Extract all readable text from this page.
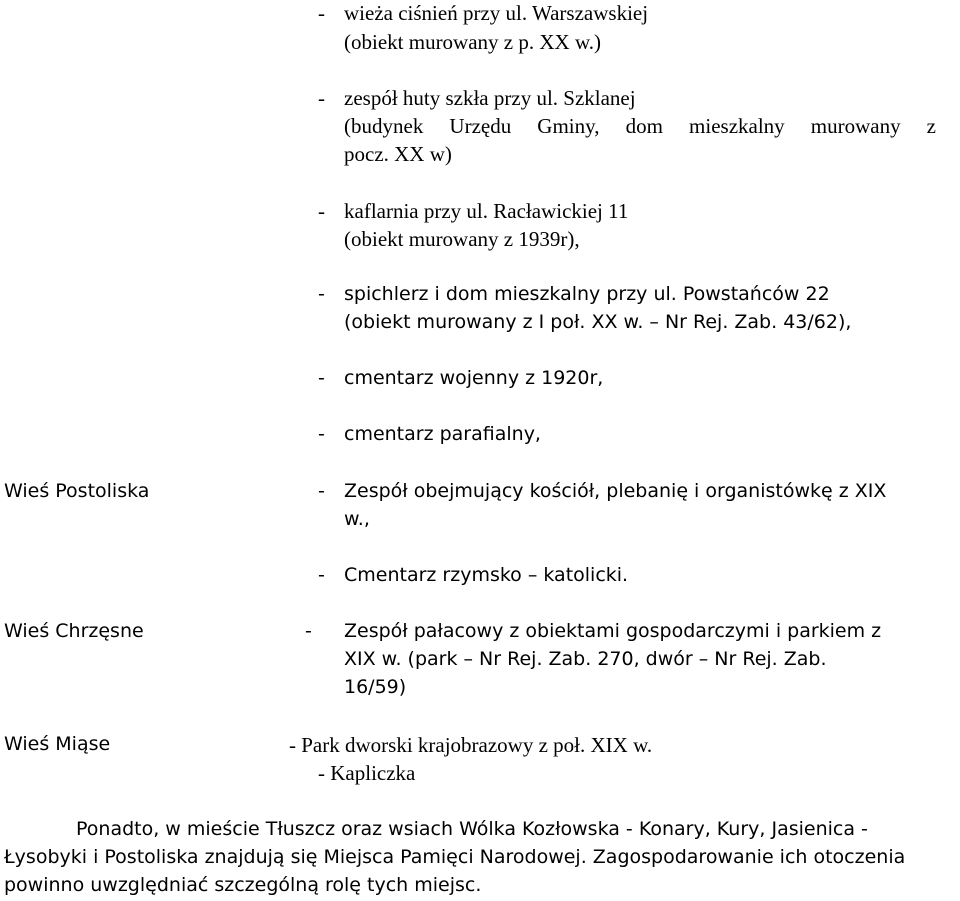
- wieża ciśnień przy ul. Warszawskiej
(obiekt murowany z p. XX w.)
- zespół huty szkła przy ul. Szklanej
(budynek Urzędu Gminy, dom mieszkalny murowany z
pocz. XX w)
- kaflarnia przy ul. Racławickiej 11
(obiekt murowany z 1939r),
- spichlerz i dom mieszkalny przy ul. Powstańców 22
(obiekt murowany z I poł. XX w. – Nr Rej. Zab. 43/62),
- cmentarz wojenny z 1920r,
- cmentarz parafialny,
Wieś Postoliska	- Zespół obejmujący kościół, plebanię i organistówkę z XIX
w.,
- Cmentarz rzymsko – katolicki.
Wieś Chrzęsne	- Zespół pałacowy z obiektami gospodarczymi i parkiem z
XIX w. (park – Nr Rej. Zab. 270, dwór – Nr Rej. Zab.
16/59)
Wieś Miąse	- Park dworski krajobrazowy z poł. XIX w.
- Kapliczka
Ponadto, w mieście Tłuszcz oraz wsiach Wólka Kozłowska - Konary, Kury, Jasienica -
Łysobyki i Postoliska znajdują się Miejsca Pamięci Narodowej. Zagospodarowanie ich otoczenia
powinno uwzględniać szczególną rolę tych miejsc.
